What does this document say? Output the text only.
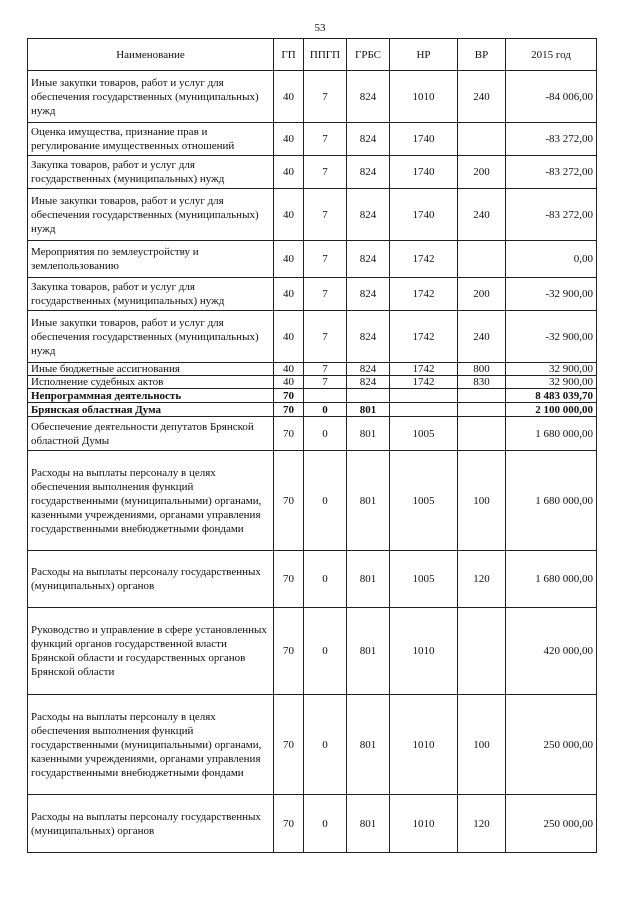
53
Наименование	ГП	ППГП	ГРБС	НР	ВР	2015 год
Иные закупки товаров, работ и услуг для обеспечения государственных (муниципальных) нужд	40	7	824	1010	240	-84 006,00
Оценка имущества, признание прав и регулирование имущественных отношений	40	7	824	1740		-83 272,00
Закупка товаров, работ и услуг для государственных (муниципальных) нужд	40	7	824	1740	200	-83 272,00
Иные закупки товаров, работ и услуг для обеспечения государственных (муниципальных) нужд	40	7	824	1740	240	-83 272,00
Мероприятия по землеустройству и землепользованию	40	7	824	1742		0,00
Закупка товаров, работ и услуг для государственных (муниципальных) нужд	40	7	824	1742	200	-32 900,00
Иные закупки товаров, работ и услуг для обеспечения государственных (муниципальных) нужд	40	7	824	1742	240	-32 900,00
Иные бюджетные ассигнования	40	7	824	1742	800	32 900,00
Исполнение судебных актов	40	7	824	1742	830	32 900,00
Непрограммная деятельность	70					8 483 039,70
Брянская областная Дума	70	0	801			2 100 000,00
Обеспечение деятельности депутатов Брянской областной Думы	70	0	801	1005		1 680 000,00
Расходы на выплаты персоналу в целях обеспечения выполнения функций государственными (муниципальными) органами, казенными учреждениями, органами управления государственными внебюджетными фондами	70	0	801	1005	100	1 680 000,00
Расходы на выплаты персоналу государственных (муниципальных) органов	70	0	801	1005	120	1 680 000,00
Руководство и управление в сфере установленных функций органов государственной власти Брянской области и государственных органов Брянской области	70	0	801	1010		420 000,00
Расходы на выплаты персоналу в целях обеспечения выполнения функций государственными (муниципальными) органами, казенными учреждениями, органами управления государственными внебюджетными фондами	70	0	801	1010	100	250 000,00
Расходы на выплаты персоналу государственных (муниципальных) органов	70	0	801	1010	120	250 000,00
